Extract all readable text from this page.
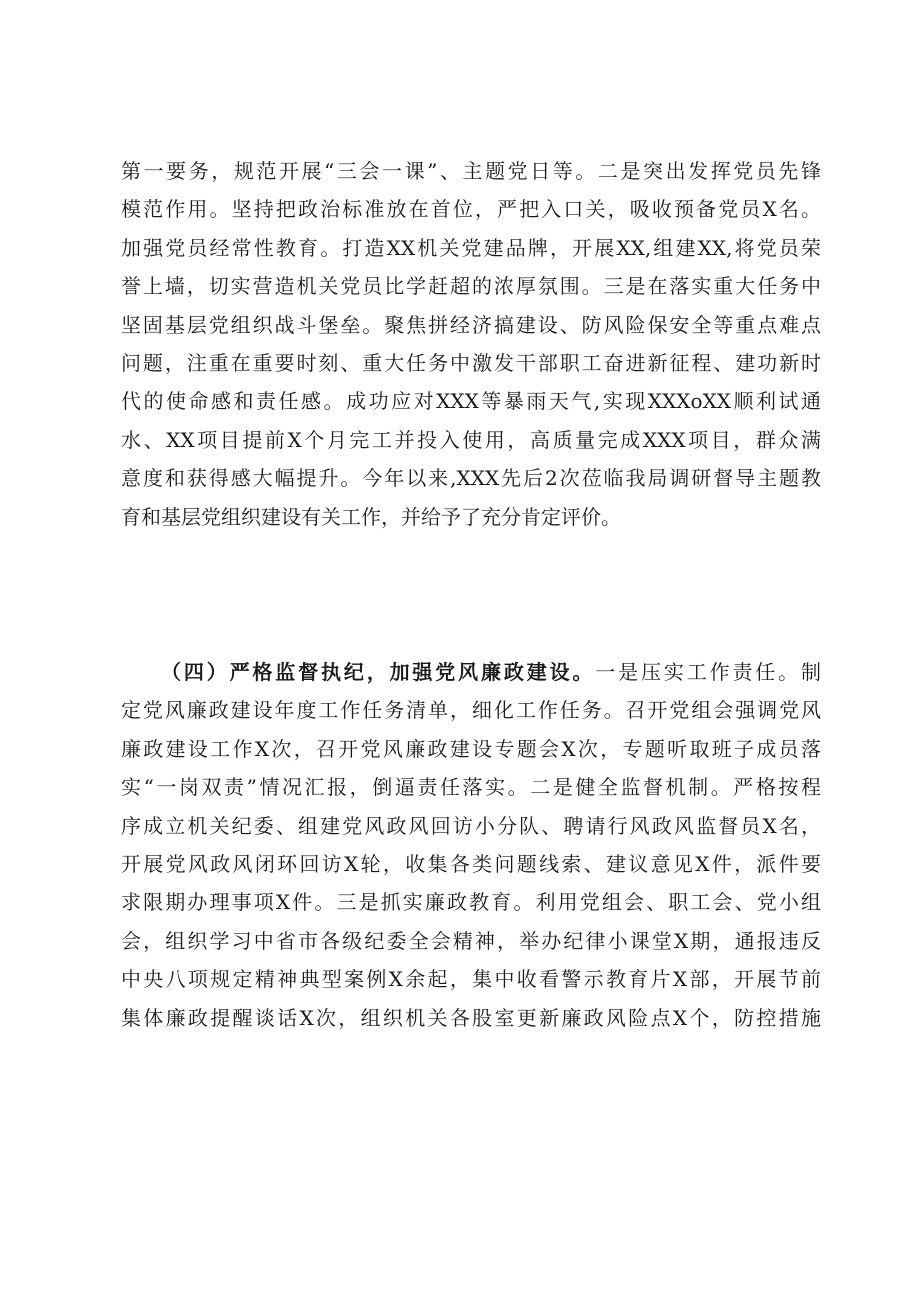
第一要务，规范开展“三会一课”、主题党日等。二是突出发挥党员先锋
模范作用。坚持把政治标准放在首位，严把入口关，吸收预备党员X名。
加强党员经常性教育。打造XX机关党建品牌，开展XX,组建XX,将党员荣
誉上墙，切实营造机关党员比学赶超的浓厚氛围。三是在落实重大任务中
坚固基层党组织战斗堡垒。聚焦拼经济搞建设、防风险保安全等重点难点
问题，注重在重要时刻、重大任务中激发干部职工奋进新征程、建功新时
代的使命感和责任感。成功应对XXX等暴雨天气,实现XXXoXX顺利试通
水、XX项目提前X个月完工并投入使用，高质量完成XXX项目，群众满
意度和获得感大幅提升。今年以来,XXX先后2次莅临我局调研督导主题教
育和基层党组织建设有关工作，并给予了充分肯定评价。
（四）严格监督执纪，加强党风廉政建设。一是压实工作责任。制
定党风廉政建设年度工作任务清单，细化工作任务。召开党组会强调党风
廉政建设工作X次，召开党风廉政建设专题会X次，专题听取班子成员落
实“一岗双责”情况汇报，倒逼责任落实。二是健全监督机制。严格按程
序成立机关纪委、组建党风政风回访小分队、聘请行风政风监督员X名，
开展党风政风闭环回访X轮，收集各类问题线索、建议意见X件，派件要
求限期办理事项X件。三是抓实廉政教育。利用党组会、职工会、党小组
会，组织学习中省市各级纪委全会精神，举办纪律小课堂X期，通报违反
中央八项规定精神典型案例X余起，集中收看警示教育片X部，开展节前
集体廉政提醒谈话X次，组织机关各股室更新廉政风险点X个，防控措施
